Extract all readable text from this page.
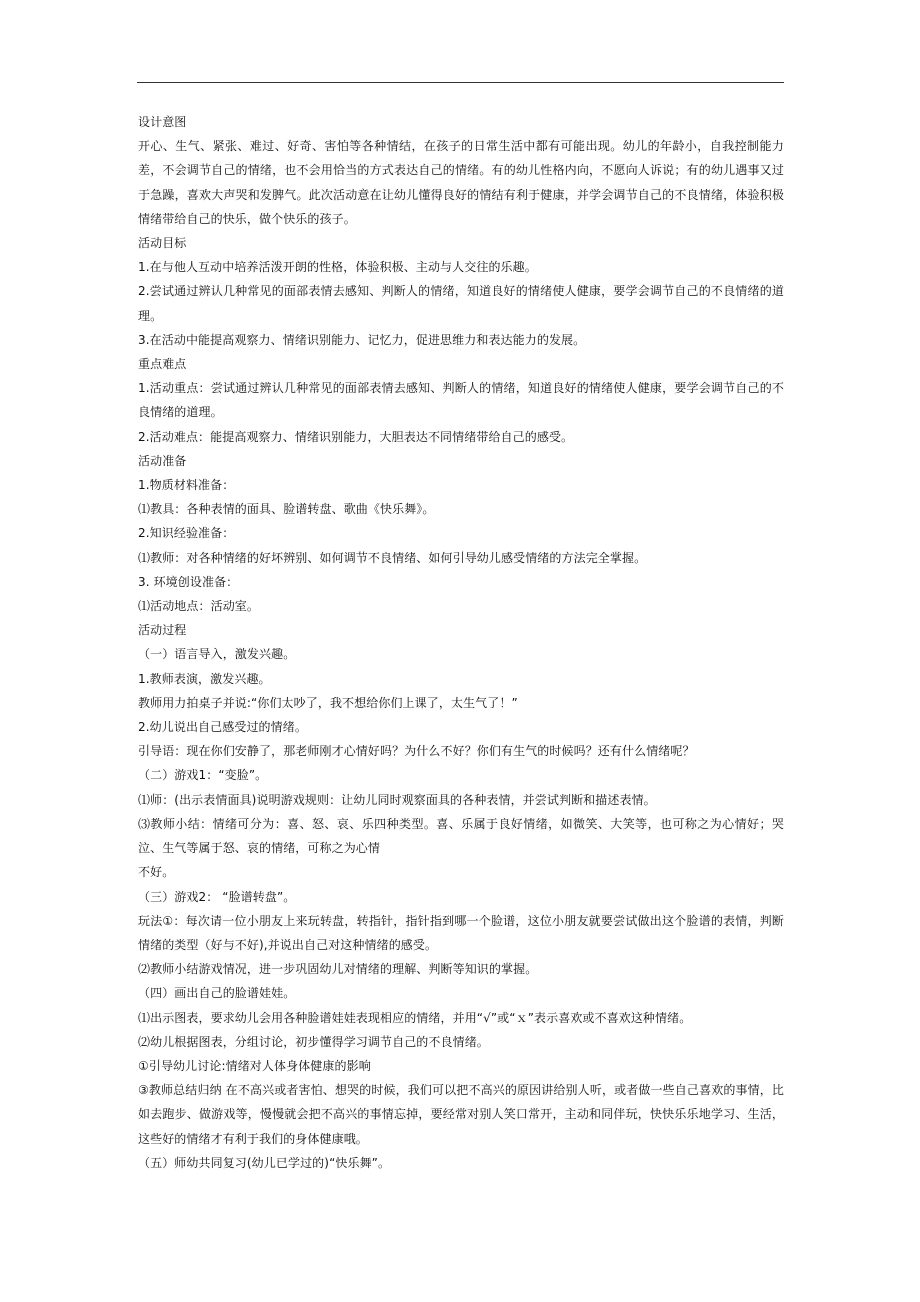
设计意图

开心、生气、紧张、难过、好奇、害怕等各种情结，在孩子的日常生活中都有可能出现。幼儿的年龄小，自我控制能力差，不会调节自己的情绪，也不会用恰当的方式表达自己的情绪。有的幼儿性格内向，不愿向人诉说；有的幼儿遇事又过于急躁，喜欢大声哭和发脾气。此次活动意在让幼儿懂得良好的情结有利于健康，并学会调节自己的不良情绪，体验积极情绪带给自己的快乐，做个快乐的孩子。

活动目标

1.在与他人互动中培养活泼开朗的性格，体验积极、主动与人交往的乐趣。

2.尝试通过辨认几种常见的面部表情去感知、判断人的情绪，知道良好的情绪使人健康，要学会调节自己的不良情绪的道理。

3.在活动中能提高观察力、情绪识别能力、记忆力，促进思维力和表达能力的发展。

重点难点

1.活动重点：尝试通过辨认几种常见的面部表情去感知、判断人的情绪，知道良好的情绪使人健康，要学会调节自己的不良情绪的道理。

2.活动难点：能提高观察力、情绪识别能力，大胆表达不同情绪带给自己的感受。

活动准备

1.物质材料准备：

⑴教具：各种表情的面具、脸谱转盘、歌曲《快乐舞》。

2.知识经验准备：

⑴教师：对各种情绪的好坏辨别、如何调节不良情绪、如何引导幼儿感受情绪的方法完全掌握。

3. 环境创设准备：

⑴活动地点：活动室。

活动过程

（一）语言导入，激发兴趣。

1.教师表演，激发兴趣。

教师用力拍桌子并说:“你们太吵了，我不想给你们上课了，太生气了！”

2.幼儿说出自己感受过的情绪。

引导语：现在你们安静了，那老师刚才心情好吗？为什么不好？你们有生气的时候吗？还有什么情绪呢？

（二）游戏1：“变脸”。

⑴师：(出示表情面具)说明游戏规则：让幼儿同时观察面具的各种表情，并尝试判断和描述表情。

⑶教师小结：情绪可分为：喜、怒、哀、乐四种类型。喜、乐属于良好情绪，如微笑、大笑等，也可称之为心情好；哭泣、生气等属于怒、哀的情绪，可称之为心情

不好。

（三）游戏2： “脸谱转盘”。

玩法①：每次请一位小朋友上来玩转盘，转指针，指针指到哪一个脸谱，这位小朋友就要尝试做出这个脸谱的表情，判断情绪的类型（好与不好),并说出自己对这种情绪的感受。

⑵教师小结游戏情况，进一步巩固幼儿对情绪的理解、判断等知识的掌握。

（四）画出自己的脸谱娃娃。

⑴出示图表，要求幼儿会用各种脸谱娃娃表现相应的情绪，并用“√”或“ｘ”表示喜欢或不喜欢这种情绪。

⑵幼儿根据图表，分组讨论，初步懂得学习调节自己的不良情绪。

①引导幼儿讨论:情绪对人体身体健康的影响

③教师总结归纳 在不高兴或者害怕、想哭的时候，我们可以把不高兴的原因讲给别人听，或者做一些自己喜欢的事情，比如去跑步、做游戏等，慢慢就会把不高兴的事情忘掉，要经常对别人笑口常开，主动和同伴玩，快快乐乐地学习、生活，这些好的情绪才有利于我们的身体健康哦。

（五）师幼共同复习(幼儿已学过的)“快乐舞”。
